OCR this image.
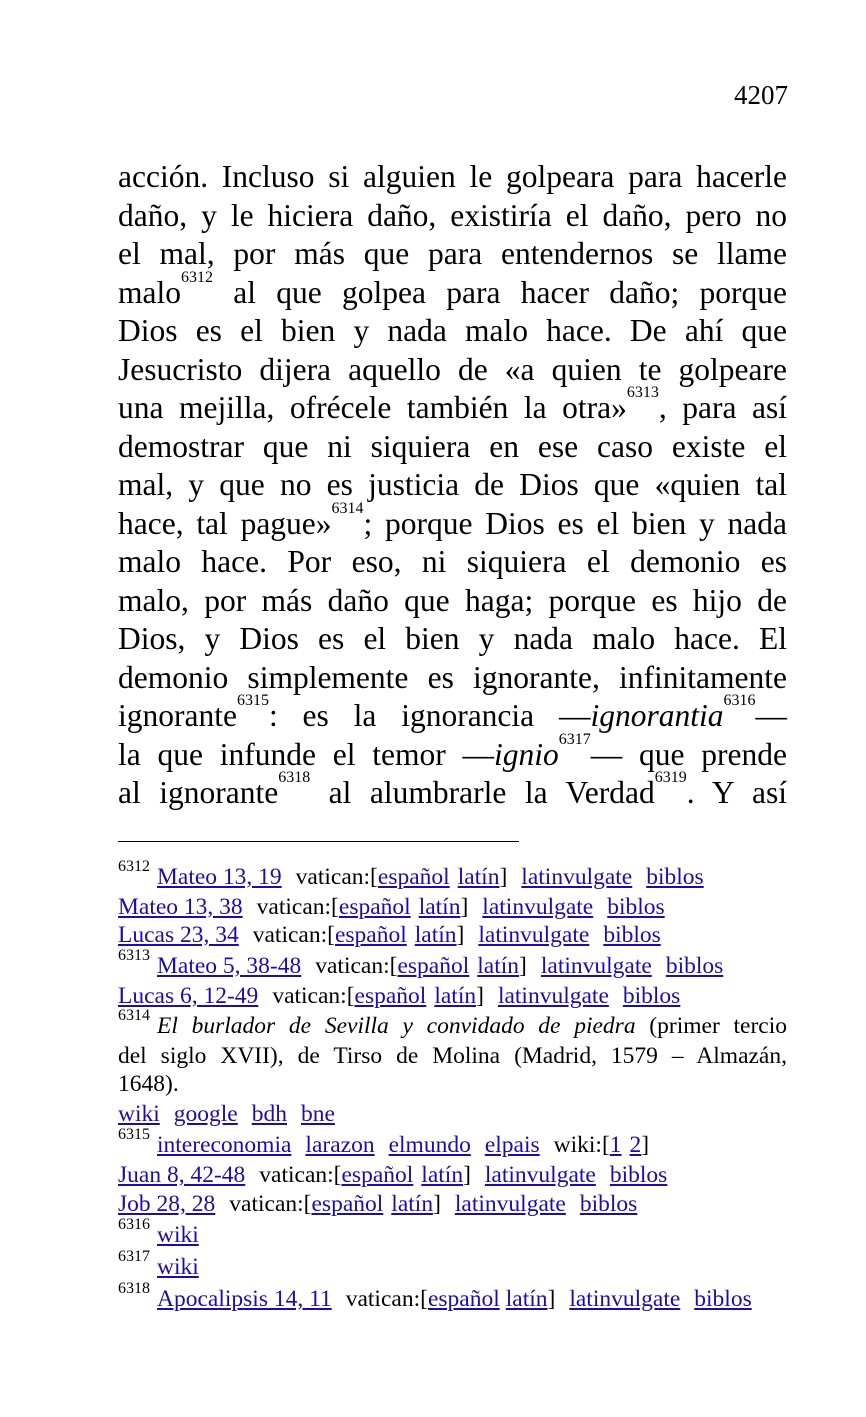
4207
acción. Incluso si alguien le golpeara para hacerle
daño, y le hiciera daño, existiría el daño, pero no
el mal, por más que para entendernos se llame
malo$^{6312}$ al que golpea para hacer daño; porque
Dios es el bien y nada malo hace. De ahí que
Jesucristo dijera aquello de «a quien te golpeare
una mejilla, ofrécele también la otra»$^{6313}$, para así
demostrar que ni siquiera en ese caso existe el
mal, y que no es justicia de Dios que «quien tal
hace, tal pague»$^{6314}$; porque Dios es el bien y nada
malo hace. Por eso, ni siquiera el demonio es
malo, por más daño que haga; porque es hijo de
Dios, y Dios es el bien y nada malo hace. El
demonio simplemente es ignorante, infinitamente
ignorante$^{6315}$: es la ignorancia —ignorantia$^{6316}$—
la que infunde el temor —ignio$^{6317}$— que prende
al ignorante$^{6318}$ al alumbrarle la Verdad$^{6319}$. Y así
$^{6312}$ Mateo 13, 19 vatican:[español latín] latinvulgate biblos
Mateo 13, 38 vatican:[español latín] latinvulgate biblos
Lucas 23, 34 vatican:[español latín] latinvulgate biblos
$^{6313}$ Mateo 5, 38-48 vatican:[español latín] latinvulgate biblos
Lucas 6, 12-49 vatican:[español latín] latinvulgate biblos
$^{6314}$ El burlador de Sevilla y convidado de piedra (primer tercio
del siglo XVII), de Tirso de Molina (Madrid, 1579 – Almazán,
1648).
wiki google bdh bne
$^{6315}$ intereconomia larazon elmundo elpais wiki:[1 2]
Juan 8, 42-48 vatican:[español latín] latinvulgate biblos
Job 28, 28 vatican:[español latín] latinvulgate biblos
$^{6316}$ wiki
$^{6317}$ wiki
$^{6318}$ Apocalipsis 14, 11 vatican:[español latín] latinvulgate biblos
